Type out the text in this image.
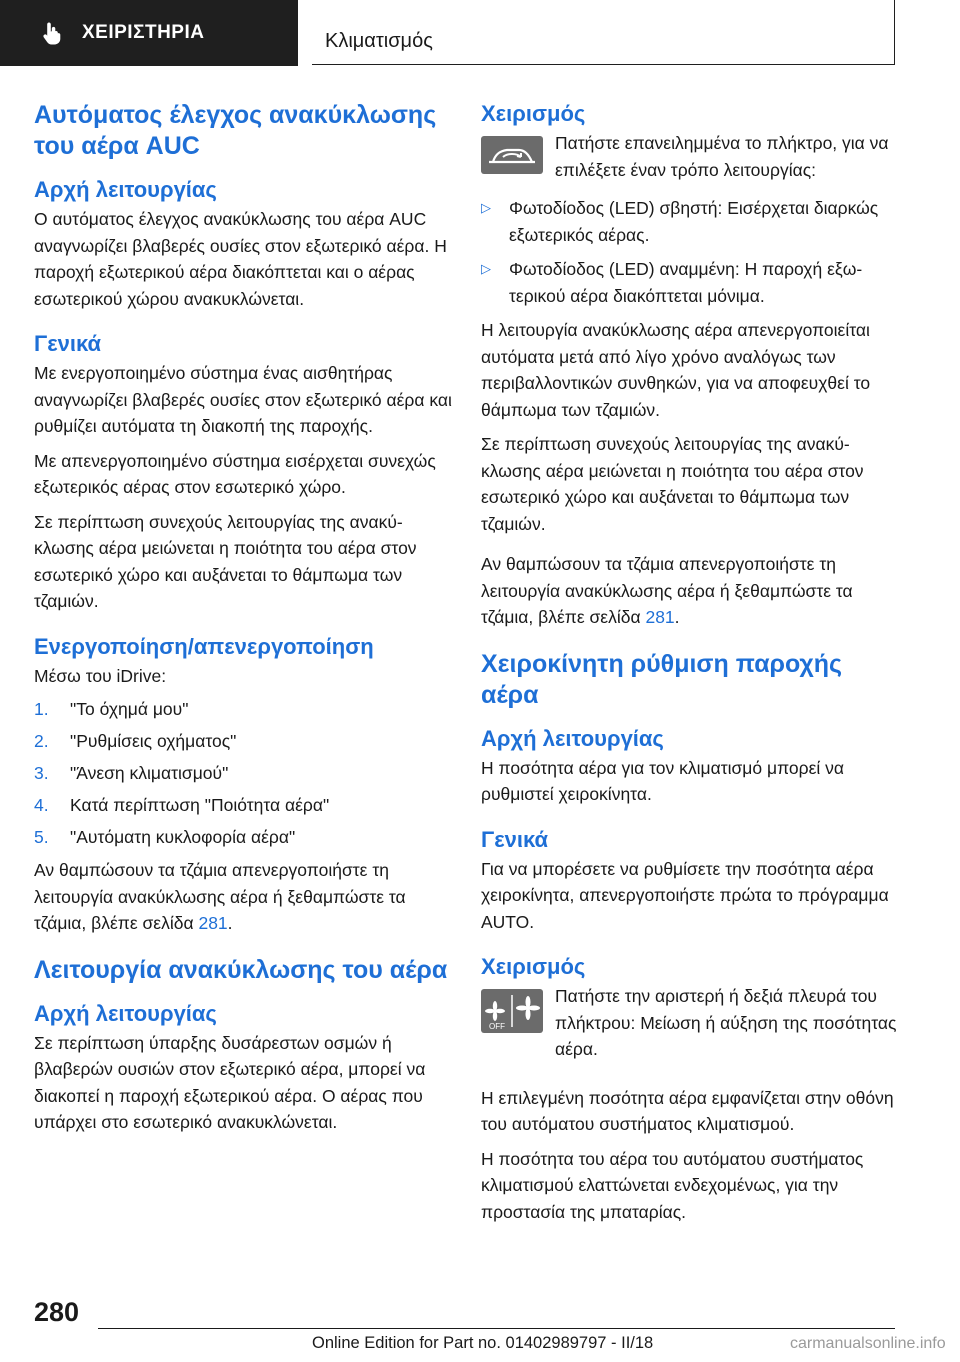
ΧΕΙΡΙΣΤΗΡΙΑ	Κλιματισμός
Αυτόματος έλεγχος ανακύκλωσης του αέρα AUC
Αρχή λειτουργίας
Ο αυτόματος έλεγχος ανακύκλωσης του αέρα AUC αναγνωρίζει βλαβερές ουσίες στον εξωτερικό αέρα. Η παροχή εξωτερικού αέρα διακόπτεται και ο αέρας εσωτερικού χώρου ανακυκλώνεται.
Γενικά
Με ενεργοποιημένο σύστημα ένας αισθητήρας αναγνωρίζει βλαβερές ουσίες στον εξωτερικό αέρα και ρυθμίζει αυτόματα τη διακοπή της παροχής.
Με απενεργοποιημένο σύστημα εισέρχεται συνεχώς εξωτερικός αέρας στον εσωτερικό χώρο.
Σε περίπτωση συνεχούς λειτουργίας της ανακύκλωσης αέρα μειώνεται η ποιότητα του αέρα στον εσωτερικό χώρο και αυξάνεται το θάμπωμα των τζαμιών.
Ενεργοποίηση/απενεργοποίηση
Μέσω του iDrive:
1.	"Το όχημά μου"
2.	"Ρυθμίσεις οχήματος"
3.	"Άνεση κλιματισμού"
4.	Κατά περίπτωση "Ποιότητα αέρα"
5.	"Αυτόματη κυκλοφορία αέρα"
Αν θαμπώσουν τα τζάμια απενεργοποιήστε τη λειτουργία ανακύκλωσης αέρα ή ξεθαμπώστε τα τζάμια, βλέπε σελίδα 281.
Λειτουργία ανακύκλωσης του αέρα
Αρχή λειτουργίας
Σε περίπτωση ύπαρξης δυσάρεστων οσμών ή βλαβερών ουσιών στον εξωτερικό αέρα, μπορεί να διακοπεί η παροχή εξωτερικού αέρα. Ο αέρας που υπάρχει στο εσωτερικό ανακυκλώνεται.
Χειρισμός
Πατήστε επανειλημμένα το πλήκτρο, για να επιλέξετε έναν τρόπο λειτουργίας:
▷	Φωτοδίοδος (LED) σβηστή: Εισέρχεται διαρκώς εξωτερικός αέρας.
▷	Φωτοδίοδος (LED) αναμμένη: Η παροχή εξωτερικού αέρα διακόπτεται μόνιμα.
Η λειτουργία ανακύκλωσης αέρα απενεργοποιείται αυτόματα μετά από λίγο χρόνο αναλόγως των περιβαλλοντικών συνθηκών, για να αποφευχθεί το θάμπωμα των τζαμιών.
Σε περίπτωση συνεχούς λειτουργίας της ανακύκλωσης αέρα μειώνεται η ποιότητα του αέρα στον εσωτερικό χώρο και αυξάνεται το θάμπωμα των τζαμιών.
Αν θαμπώσουν τα τζάμια απενεργοποιήστε τη λειτουργία ανακύκλωσης αέρα ή ξεθαμπώστε τα τζάμια, βλέπε σελίδα 281.
Χειροκίνητη ρύθμιση παροχής αέρα
Αρχή λειτουργίας
Η ποσότητα αέρα για τον κλιματισμό μπορεί να ρυθμιστεί χειροκίνητα.
Γενικά
Για να μπορέσετε να ρυθμίσετε την ποσότητα αέρα χειροκίνητα, απενεργοποιήστε πρώτα το πρόγραμμα AUTO.
Χειρισμός
OFF
Πατήστε την αριστερή ή δεξιά πλευρά του πλήκτρου: Μείωση ή αύξηση της ποσότητας αέρα.
Η επιλεγμένη ποσότητα αέρα εμφανίζεται στην οθόνη του αυτόματου συστήματος κλιματισμού.
Η ποσότητα του αέρα του αυτόματου συστήματος κλιματισμού ελαττώνεται ενδεχομένως, για την προστασία της μπαταρίας.
280
Online Edition for Part no. 01402989797 - II/18	carmanualsonline.info
